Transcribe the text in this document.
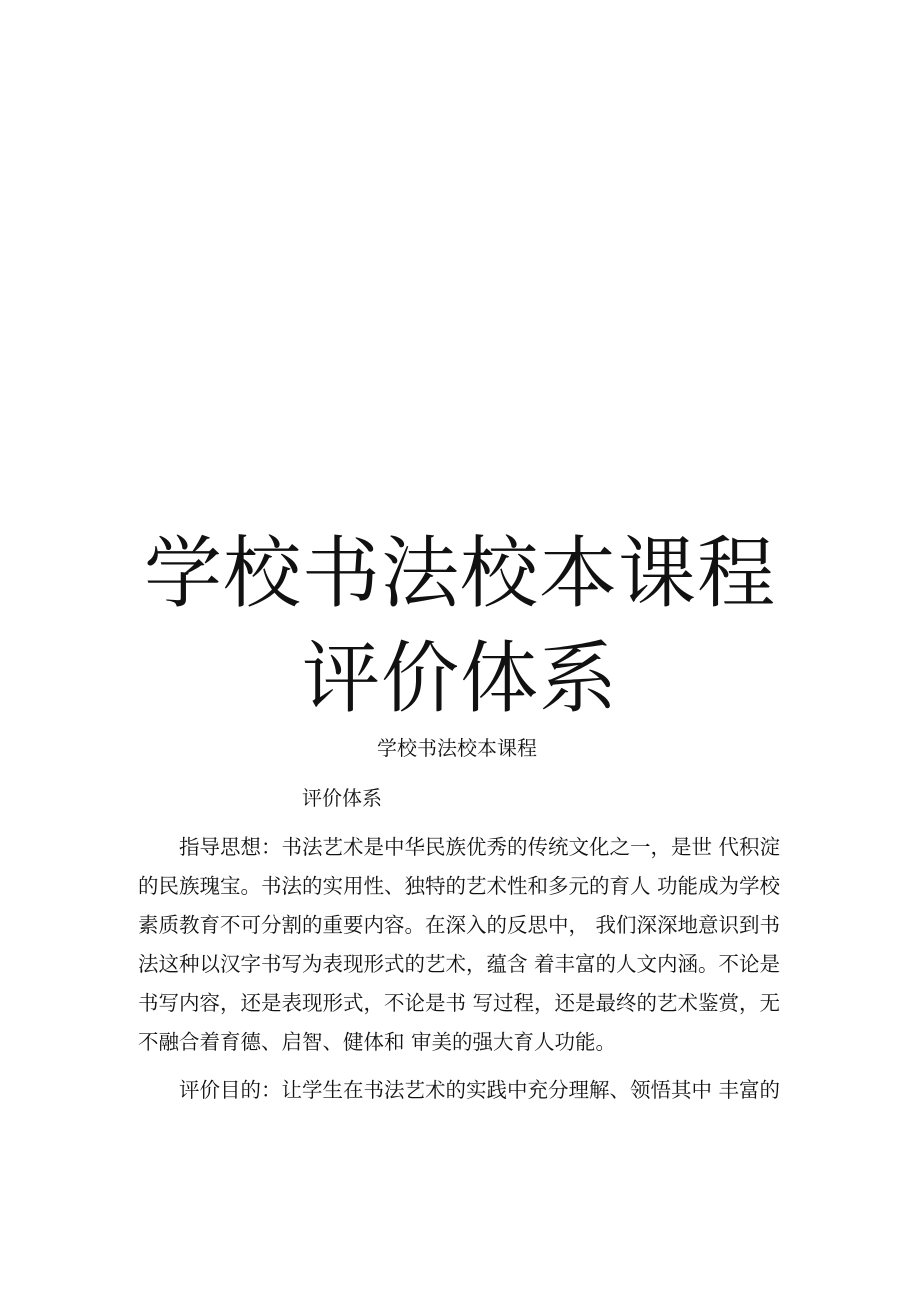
学校书法校本课程
评价体系
学校书法校本课程
评价体系

指导思想：书法艺术是中华民族优秀的传统文化之一，是世 代积淀
的民族瑰宝。书法的实用性、独特的艺术性和多元的育人 功能成为学校
素质教育不可分割的重要内容。在深入的反思中， 我们深深地意识到书
法这种以汉字书写为表现形式的艺术，蕴含 着丰富的人文内涵。不论是
书写内容，还是表现形式，不论是书 写过程，还是最终的艺术鉴赏，无
不融合着育德、启智、健体和 审美的强大育人功能。

评价目的：让学生在书法艺术的实践中充分理解、领悟其中 丰富的
